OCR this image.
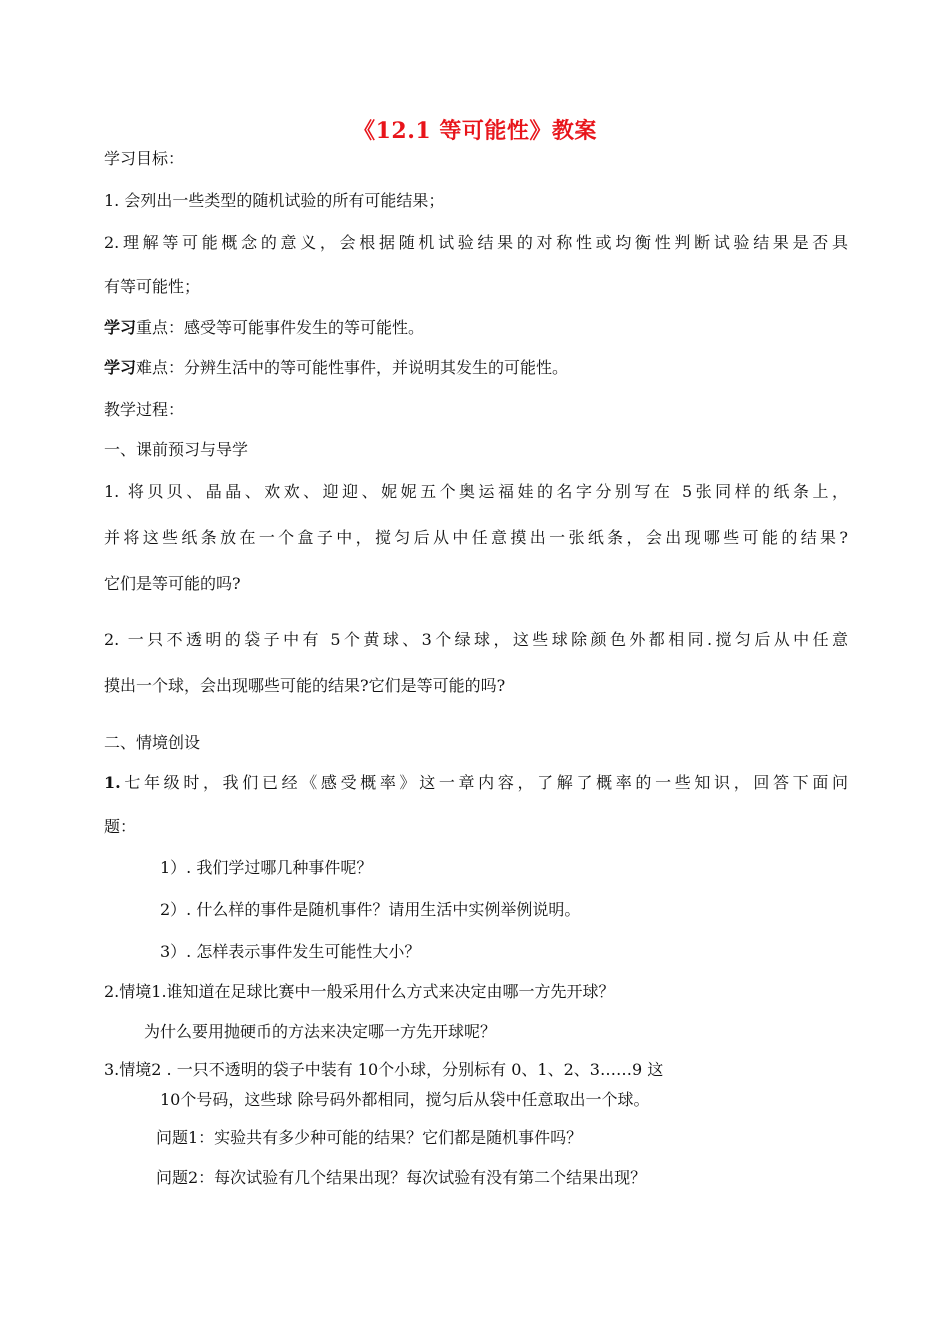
《12.1 等可能性》教案
学习目标：
1. 会列出一些类型的随机试验的所有可能结果；
2.理解等可能概念的意义，会根据随机试验结果的对称性或均衡性判断试验结果是否具
有等可能性；
学习重点：感受等可能事件发生的等可能性。
学习难点：分辨生活中的等可能性事件，并说明其发生的可能性。
教学过程：
一、课前预习与导学
1. 将贝贝、晶晶、欢欢、迎迎、妮妮五个奥运福娃的名字分别写在 5张同样的纸条上，
并将这些纸条放在一个盒子中，搅匀后从中任意摸出一张纸条，会出现哪些可能的结果?
它们是等可能的吗?
2. 一只不透明的袋子中有 5个黄球、3个绿球，这些球除颜色外都相同.搅匀后从中任意
摸出一个球，会出现哪些可能的结果?它们是等可能的吗?
二、情境创设
1.七年级时，我们已经《感受概率》这一章内容，了解了概率的一些知识，回答下面问
题：
1）. 我们学过哪几种事件呢？
2）. 什么样的事件是随机事件？请用生活中实例举例说明。
3）. 怎样表示事件发生可能性大小？
2.情境1.谁知道在足球比赛中一般采用什么方式来决定由哪一方先开球？
为什么要用抛硬币的方法来决定哪一方先开球呢？
3.情境2 . 一只不透明的袋子中装有 10个小球，分别标有 0、1、2、3……9 这
10个号码，这些球 除号码外都相同，搅匀后从袋中任意取出一个球。
问题1：实验共有多少种可能的结果？它们都是随机事件吗？
问题2：每次试验有几个结果出现？每次试验有没有第二个结果出现？
